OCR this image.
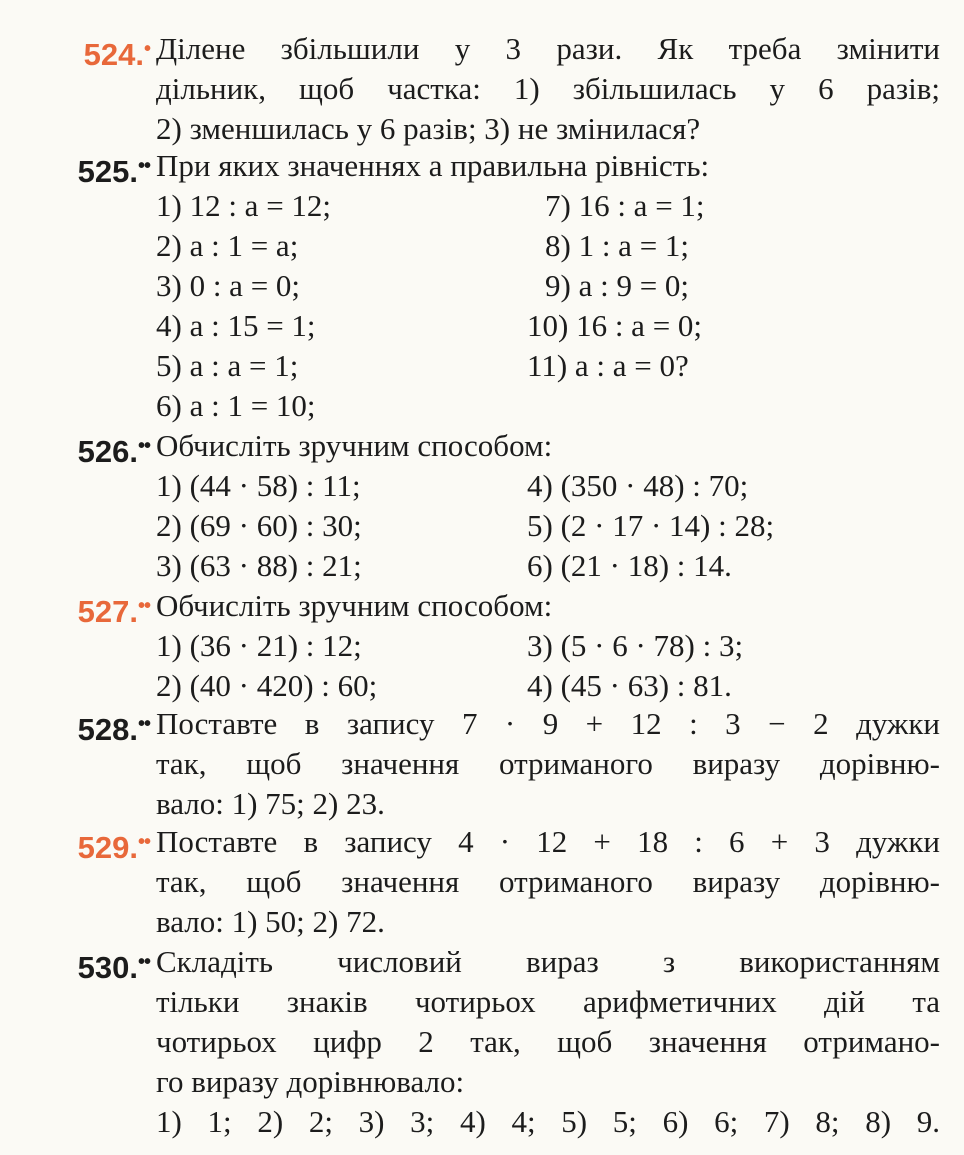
524.• Ділене збільшили у 3 рази. Як треба змінити
дільник, щоб частка: 1) збільшилась у 6 разів;
2) зменшилась у 6 разів; 3) не змінилася?
525.•• При яких значеннях a правильна рівність:
1) 12 : a = 12;
2) a : 1 = a;
3) 0 : a = 0;
4) a : 15 = 1;
5) a : a = 1;
6) a : 1 = 10;
7) 16 : a = 1;
8) 1 : a = 1;
9) a : 9 = 0;
10) 16 : a = 0;
11) a : a = 0?
526.•• Обчисліть зручним способом:
1) (44 · 58) : 11;
2) (69 · 60) : 30;
3) (63 · 88) : 21;
4) (350 · 48) : 70;
5) (2 · 17 · 14) : 28;
6) (21 · 18) : 14.
527.•• Обчисліть зручним способом:
1) (36 · 21) : 12;
2) (40 · 420) : 60;
3) (5 · 6 · 78) : 3;
4) (45 · 63) : 81.
528.•• Поставте в запису 7 · 9 + 12 : 3 − 2 дужки
так, щоб значення отриманого виразу дорівню-
вало: 1) 75; 2) 23.
529.•• Поставте в запису 4 · 12 + 18 : 6 + 3 дужки
так, щоб значення отриманого виразу дорівню-
вало: 1) 50; 2) 72.
530.•• Складіть числовий вираз з використанням
тільки знаків чотирьох арифметичних дій та
чотирьох цифр 2 так, щоб значення отримано-
го виразу дорівнювало:
1) 1; 2) 2; 3) 3; 4) 4; 5) 5; 6) 6; 7) 8; 8) 9.
